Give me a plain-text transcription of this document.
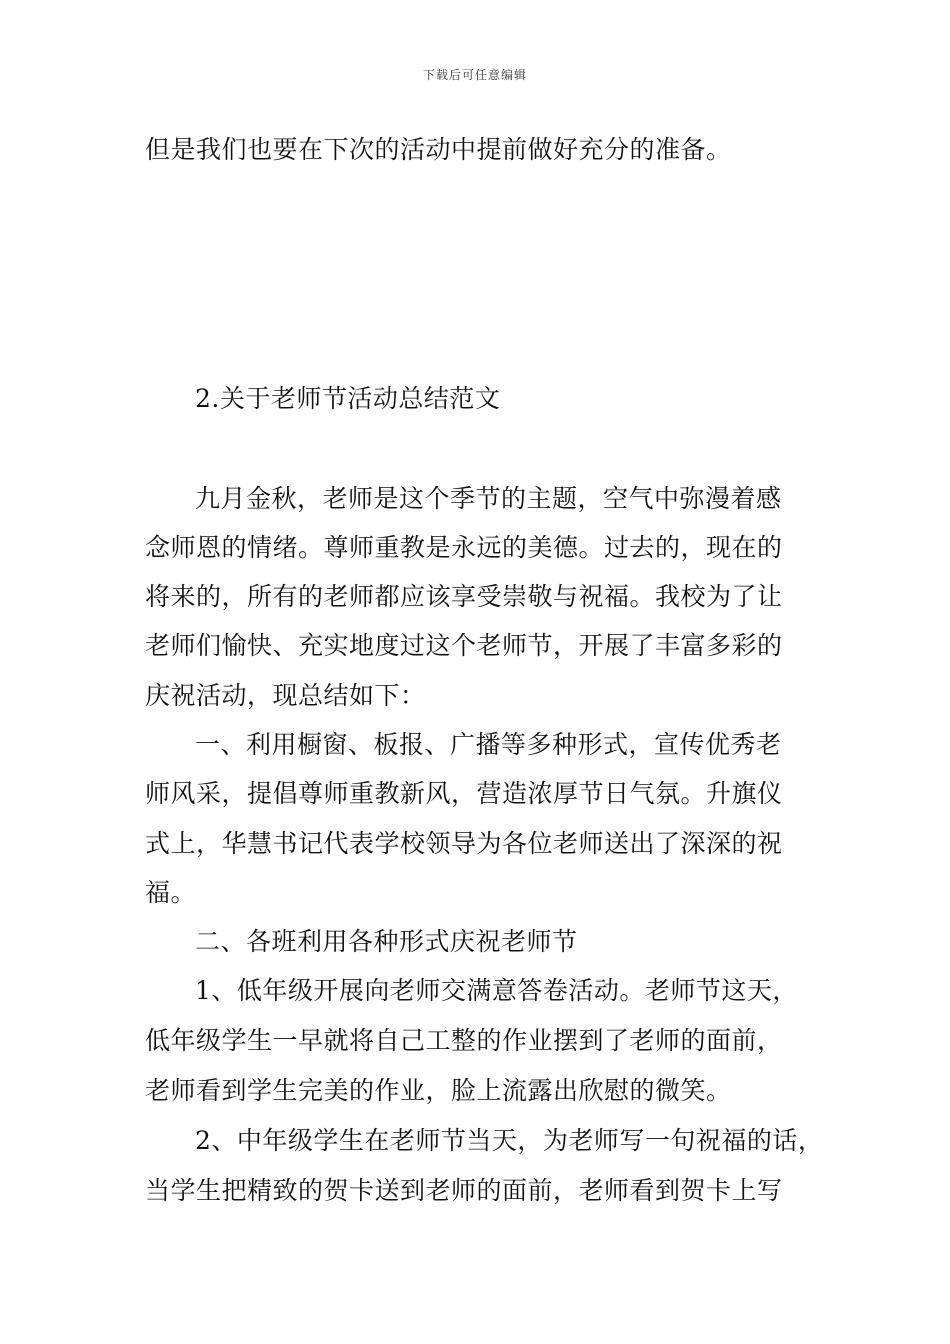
下载后可任意编辑
但是我们也要在下次的活动中提前做好充分的准备。
2.关于老师节活动总结范文
九月金秋，老师是这个季节的主题，空气中弥漫着感
念师恩的情绪。尊师重教是永远的美德。过去的，现在的
将来的，所有的老师都应该享受崇敬与祝福。我校为了让
老师们愉快、充实地度过这个老师节，开展了丰富多彩的
庆祝活动，现总结如下：
一、利用橱窗、板报、广播等多种形式，宣传优秀老
师风采，提倡尊师重教新风，营造浓厚节日气氛。升旗仪
式上，华慧书记代表学校领导为各位老师送出了深深的祝
福。
二、各班利用各种形式庆祝老师节
1、低年级开展向老师交满意答卷活动。老师节这天，
低年级学生一早就将自己工整的作业摆到了老师的面前，
老师看到学生完美的作业，脸上流露出欣慰的微笑。
2、中年级学生在老师节当天，为老师写一句祝福的话，
当学生把精致的贺卡送到老师的面前，老师看到贺卡上写
